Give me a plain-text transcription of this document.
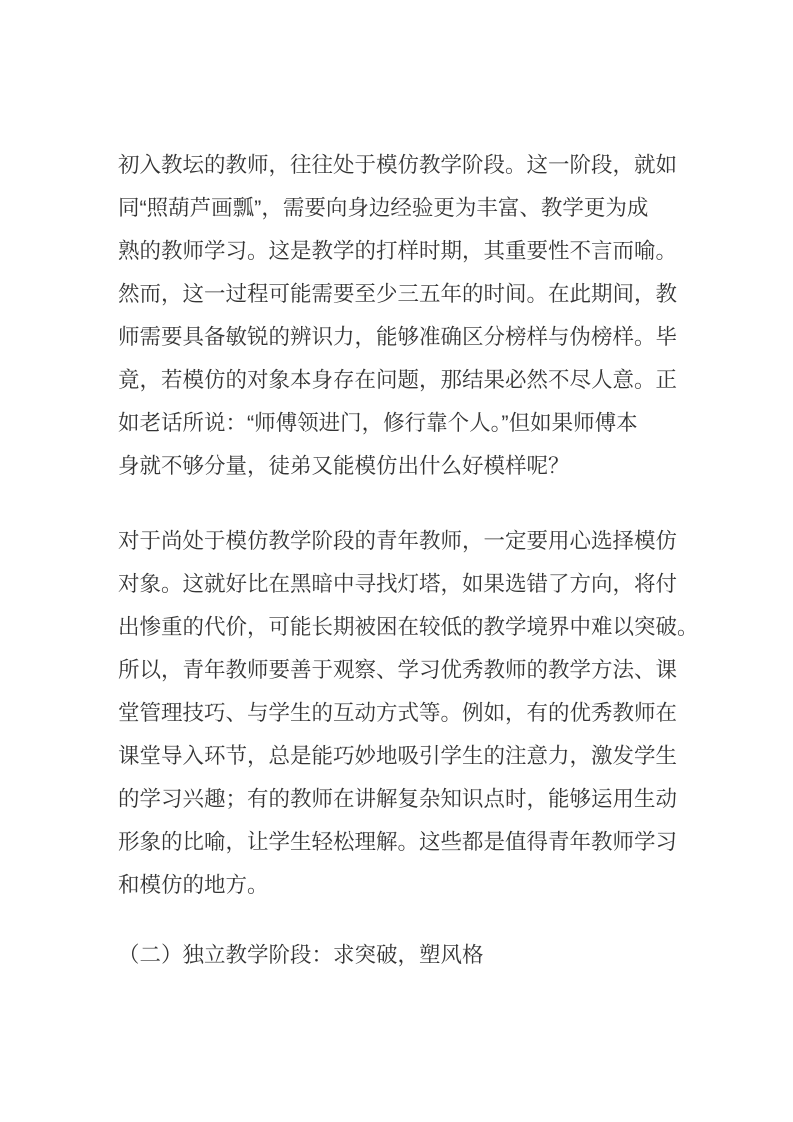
初入教坛的教师，往往处于模仿教学阶段。这一阶段，就如
同“照葫芦画瓢”，需要向身边经验更为丰富、教学更为成
熟的教师学习。这是教学的打样时期，其重要性不言而喻。
然而，这一过程可能需要至少三五年的时间。在此期间，教
师需要具备敏锐的辨识力，能够准确区分榜样与伪榜样。毕
竟，若模仿的对象本身存在问题，那结果必然不尽人意。正
如老话所说：“师傅领进门，修行靠个人。”但如果师傅本
身就不够分量，徒弟又能模仿出什么好模样呢？
对于尚处于模仿教学阶段的青年教师，一定要用心选择模仿
对象。这就好比在黑暗中寻找灯塔，如果选错了方向，将付
出惨重的代价，可能长期被困在较低的教学境界中难以突破。
所以，青年教师要善于观察、学习优秀教师的教学方法、课
堂管理技巧、与学生的互动方式等。例如，有的优秀教师在
课堂导入环节，总是能巧妙地吸引学生的注意力，激发学生
的学习兴趣；有的教师在讲解复杂知识点时，能够运用生动
形象的比喻，让学生轻松理解。这些都是值得青年教师学习
和模仿的地方。
（二）独立教学阶段：求突破，塑风格
